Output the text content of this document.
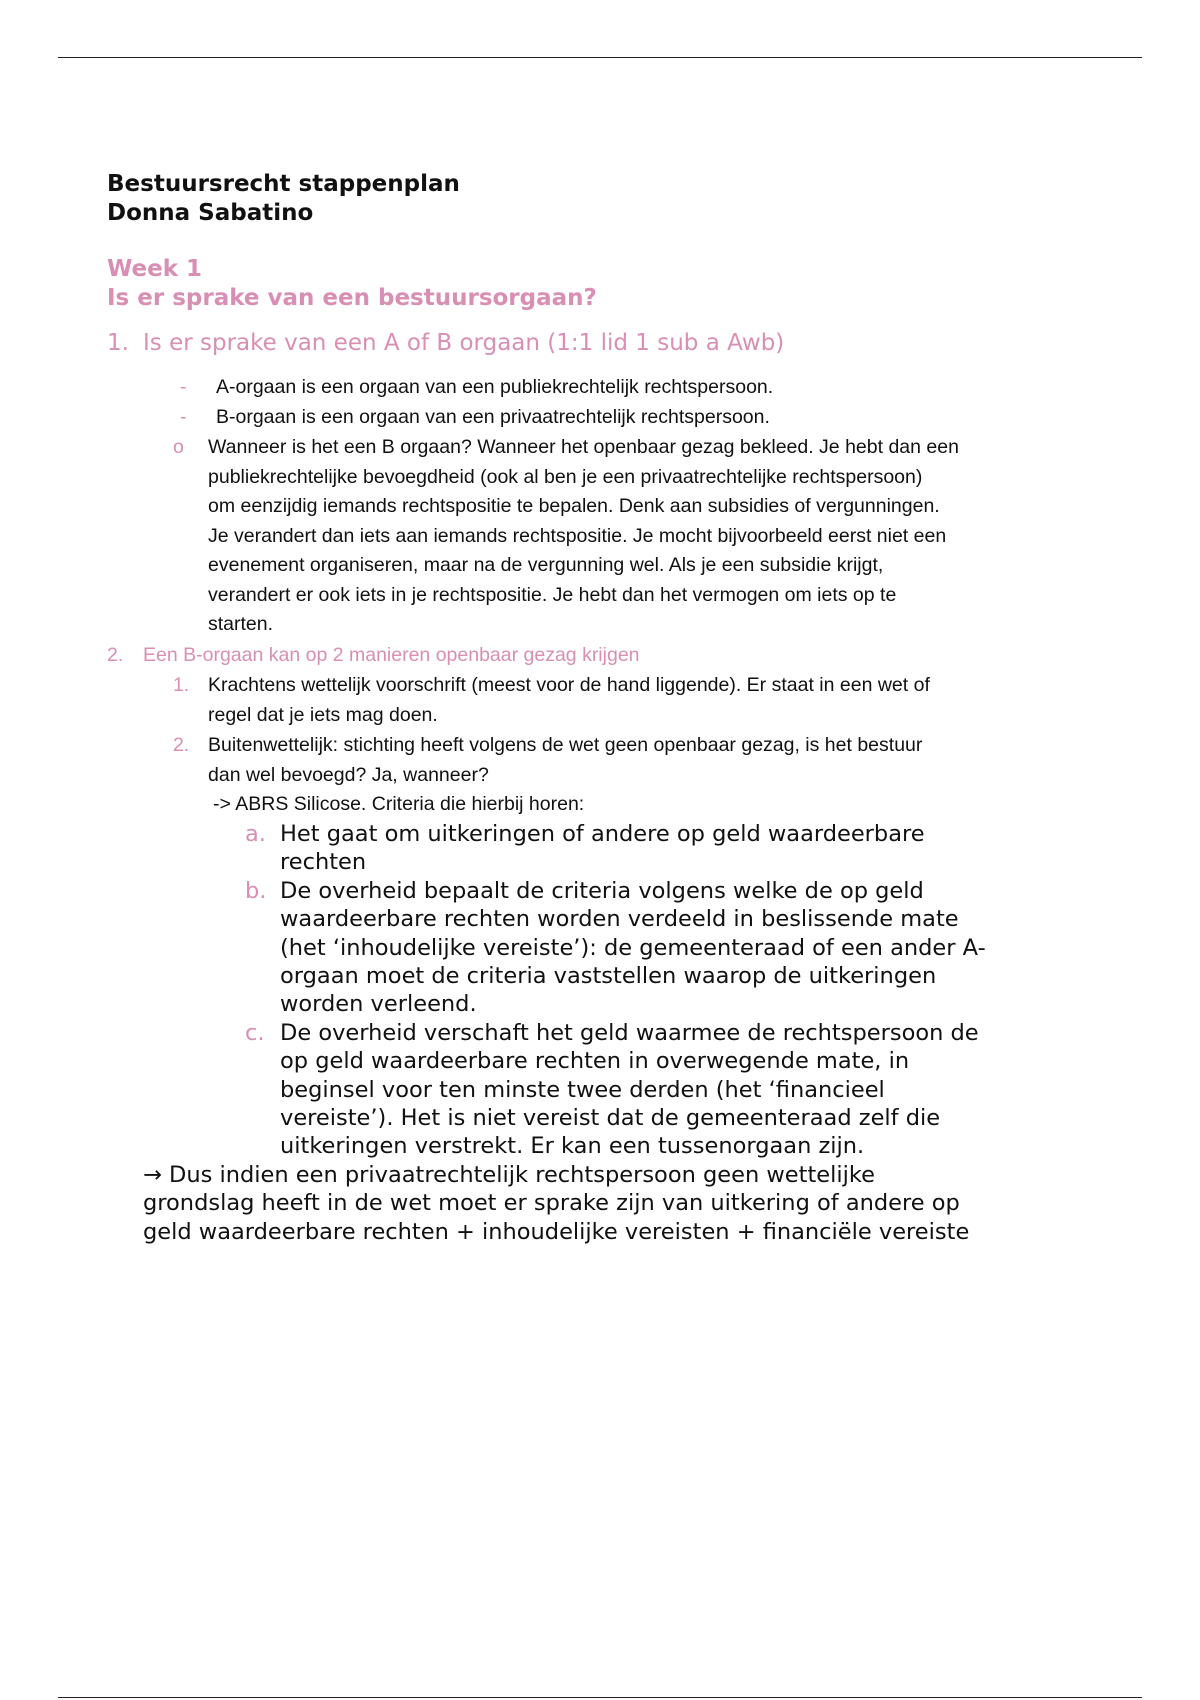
Bestuursrecht stappenplan
Donna Sabatino
Week 1
Is er sprake van een bestuursorgaan?
1. Is er sprake van een A of B orgaan (1:1 lid 1 sub a Awb)
- A-orgaan is een orgaan van een publiekrechtelijk rechtspersoon.
- B-orgaan is een orgaan van een privaatrechtelijk rechtspersoon.
o Wanneer is het een B orgaan? Wanneer het openbaar gezag bekleed. Je hebt dan een
publiekrechtelijke bevoegdheid (ook al ben je een privaatrechtelijke rechtspersoon)
om eenzijdig iemands rechtspositie te bepalen. Denk aan subsidies of vergunningen.
Je verandert dan iets aan iemands rechtspositie. Je mocht bijvoorbeeld eerst niet een
evenement organiseren, maar na de vergunning wel. Als je een subsidie krijgt,
verandert er ook iets in je rechtspositie. Je hebt dan het vermogen om iets op te
starten.
2. Een B-orgaan kan op 2 manieren openbaar gezag krijgen
1. Krachtens wettelijk voorschrift (meest voor de hand liggende). Er staat in een wet of
regel dat je iets mag doen.
2. Buitenwettelijk: stichting heeft volgens de wet geen openbaar gezag, is het bestuur
dan wel bevoegd? Ja, wanneer?
-> ABRS Silicose. Criteria die hierbij horen:
a. Het gaat om uitkeringen of andere op geld waardeerbare
rechten
b. De overheid bepaalt de criteria volgens welke de op geld
waardeerbare rechten worden verdeeld in beslissende mate
(het ‘inhoudelijke vereiste’): de gemeenteraad of een ander A-
orgaan moet de criteria vaststellen waarop de uitkeringen
worden verleend.
c. De overheid verschaft het geld waarmee de rechtspersoon de
op geld waardeerbare rechten in overwegende mate, in
beginsel voor ten minste twee derden (het ‘financieel
vereiste’). Het is niet vereist dat de gemeenteraad zelf die
uitkeringen verstrekt. Er kan een tussenorgaan zijn.
→ Dus indien een privaatrechtelijk rechtspersoon geen wettelijke
grondslag heeft in de wet moet er sprake zijn van uitkering of andere op
geld waardeerbare rechten + inhoudelijke vereisten + financiële vereiste
